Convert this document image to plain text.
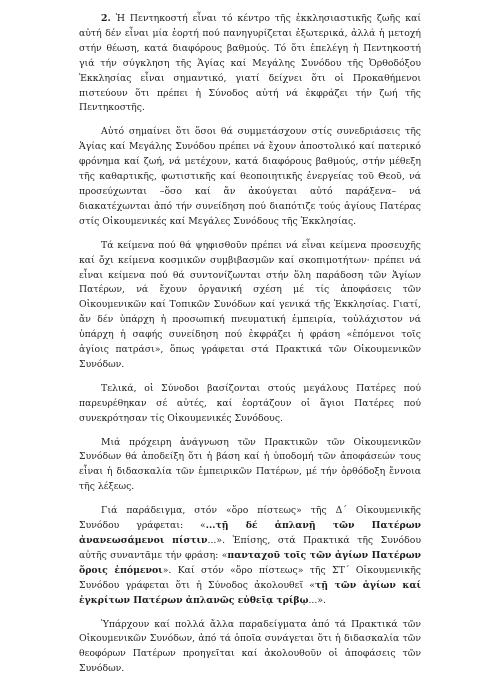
2. Ἡ Πεντηκοστή εἶναι τό κέντρο τῆς ἐκκλησιαστικῆς ζωῆς καί αὐτή δέν εἶναι μία ἑορτή πού πανηγυρίζεται ἐξωτερικά, ἀλλά ἡ μετοχή στήν θέωση, κατά διαφόρους βαθμούς. Τό ὅτι ἐπελέγη ἡ Πεντηκοστή γιά τήν σύγκληση τῆς Ἁγίας καί Μεγάλης Συνόδου τῆς Ὀρθοδόξου Ἐκκλησίας εἶναι σημαντικό, γιατί δείχνει ὅτι οἱ Προκαθήμενοι πιστεύουν ὅτι πρέπει ἡ Σύνοδος αὐτή νά ἐκφράζει τήν ζωή τῆς Πεντηκοστῆς.

Αὐτό σημαίνει ὅτι ὅσοι θά συμμετάσχουν στίς συνεδριάσεις τῆς Ἁγίας καί Μεγάλης Συνόδου πρέπει νά ἔχουν ἀποστολικό καί πατερικό φρόνημα καί ζωή, νά μετέχουν, κατά διαφόρους βαθμούς, στήν μέθεξη τῆς καθαρτικῆς, φωτιστικῆς καί θεοποιητικῆς ἐνεργείας τοῦ Θεοῦ, νά προσεύχωνται –ὅσο καί ἄν ἀκούγεται αὐτό παράξενα– νά διακατέχωνται ἀπό τήν συνείδηση πού διαπότιζε τούς ἁγίους Πατέρας στίς Οἰκουμενικές καί Μεγάλες Συνόδους τῆς Ἐκκλησίας.

Τά κείμενα πού θά ψηφισθοῦν πρέπει νά εἶναι κείμενα προσευχῆς καί ὄχι κείμενα κοσμικῶν συμβιβασμῶν καί σκοπιμοτήτων· πρέπει νά εἶναι κείμενα πού θά συντονίζωνται στήν ὅλη παράδοση τῶν Ἁγίων Πατέρων, νά ἔχουν ὀργανική σχέση μέ τίς ἀποφάσεις τῶν Οἰκουμενικῶν καί Τοπικῶν Συνόδων καί γενικά τῆς Ἐκκλησίας. Γιατί, ἄν δέν ὑπάρχη ἡ προσωπική πνευματική ἐμπειρία, τοὐλάχιστον νά ὑπάρχη ἡ σαφής συνείδηση πού ἐκφράζει ἡ φράση «ἑπόμενοι τοῖς ἁγίοις πατράσι», ὅπως γράφεται στά Πρακτικά τῶν Οἰκουμενικῶν Συνόδων.

Τελικά, οἱ Σύνοδοι βασίζονται στούς μεγάλους Πατέρες πού παρευρέθηκαν σέ αὐτές, καί ἑορτάζουν οἱ ἅγιοι Πατέρες πού συνεκρότησαν τίς Οἰκουμενικές Συνόδους.

Μιά πρόχειρη ἀνάγνωση τῶν Πρακτικῶν τῶν Οἰκουμενικῶν Συνόδων θά ἀποδείξη ὅτι ἡ βάση καί ἡ ὑποδομή τῶν ἀποφάσεών τους εἶναι ἡ διδασκαλία τῶν ἐμπειρικῶν Πατέρων, μέ τήν ὀρθόδοξη ἔννοια τῆς λέξεως.

Γιά παράδειγμα, στόν «ὅρο πίστεως» τῆς Δ΄ Οἰκουμενικῆς Συνόδου γράφεται: «...τῇ δέ ἁπλανῇ τῶν Πατέρων ἀνανεωσάμενοι πίστιν...». Ἐπίσης, στά Πρακτικά τῆς Συνόδου αὐτῆς συναντᾶμε τήν φράση: «πανταχοῦ τοῖς τῶν ἁγίων Πατέρων ὅροις ἑπόμενοι». Καί στόν «ὅρο πίστεως» τῆς ΣΤ΄ Οἰκουμενικῆς Συνόδου γράφεται ὅτι ἡ Σύνοδος ἀκολουθεῖ «τῇ τῶν ἁγίων καί ἐγκρίτων Πατέρων ἀπλανῶς εὐθεῖᾳ τρίβῳ...».

Ὑπάρχουν καί πολλά ἄλλα παραδείγματα ἀπό τά Πρακτικά τῶν Οἰκουμενικῶν Συνόδων, ἀπό τά ὁποῖα συνάγεται ὅτι ἡ διδασκαλία τῶν θεοφόρων Πατέρων προηγεῖται καί ἀκολουθοῦν οἱ ἀποφάσεις τῶν Συνόδων.
